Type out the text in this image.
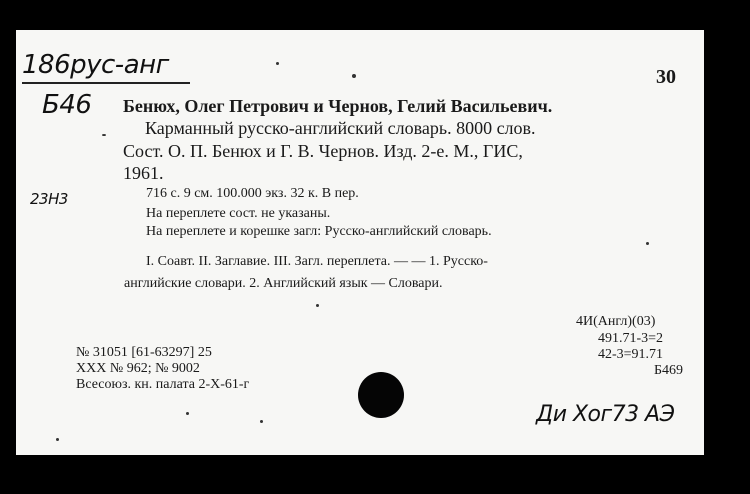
186рус-анг
Б46
30
23Н3
Бенюх, Олег Петрович и Чернов, Гелий Васильевич.
Карманный русско-английский словарь. 8000 слов.
Сост. О. П. Бенюх и Г. В. Чернов. Изд. 2-е. М., ГИС,
1961.
716 с. 9 см. 100.000 экз. 32 к. В пер.
На переплете сост. не указаны.
На переплете и корешке загл: Русско-английский словарь.
I. Соавт. II. Заглавие. III. Загл. переплета. — — 1. Русско-
английские словари. 2. Английский язык — Словари.
4И(Англ)(03)
491.71-3=2
42-3=91.71
Б469
№ 31051 [61-63297] 25
XXX № 962; № 9002
Всесоюз. кн. палата 2-X-61-г
Ди Хог73 АЭ
